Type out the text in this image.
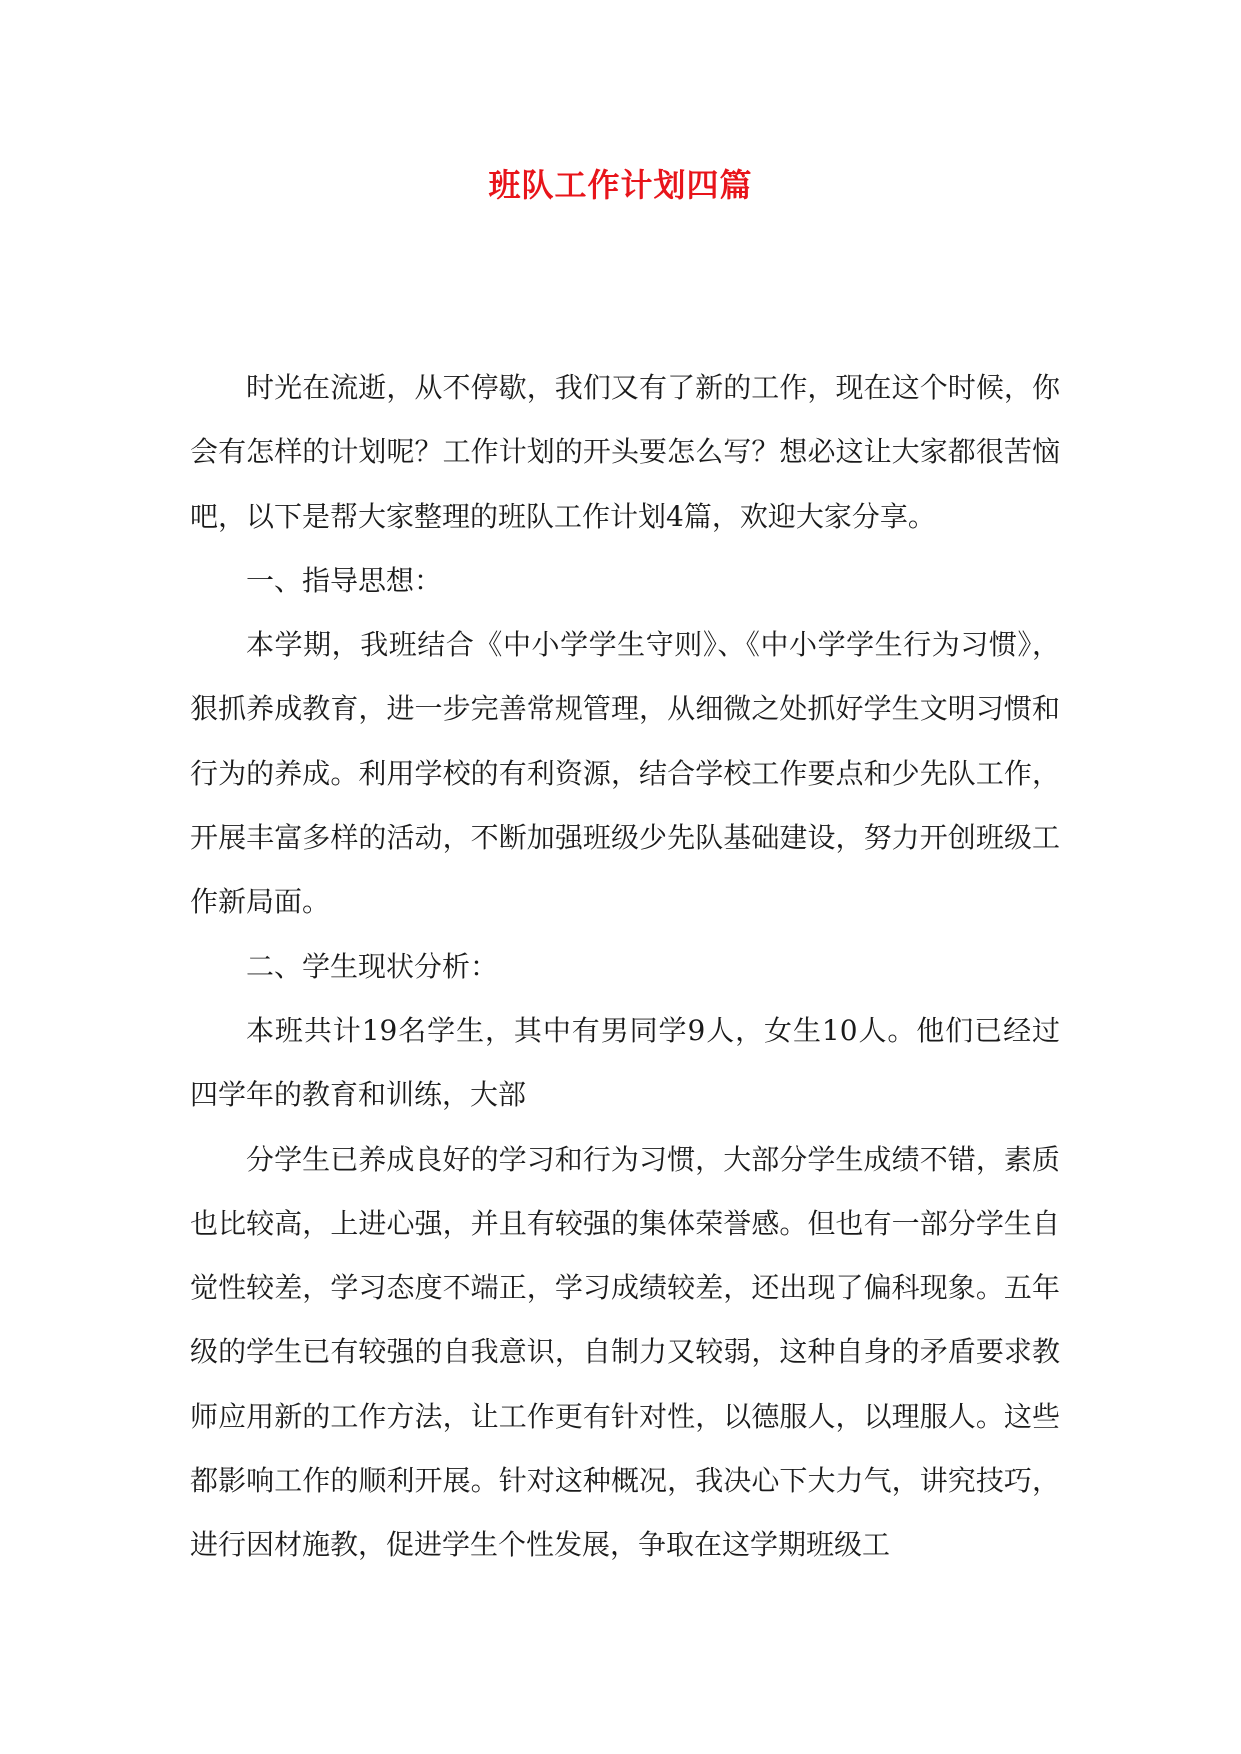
班队工作计划四篇

时光在流逝，从不停歇，我们又有了新的工作，现在这个时候，你会有怎样的计划呢？工作计划的开头要怎么写？想必这让大家都很苦恼吧，以下是帮大家整理的班队工作计划4篇，欢迎大家分享。

一、指导思想：

本学期，我班结合《中小学学生守则》、《中小学学生行为习惯》，狠抓养成教育，进一步完善常规管理，从细微之处抓好学生文明习惯和行为的养成。利用学校的有利资源，结合学校工作要点和少先队工作，开展丰富多样的活动，不断加强班级少先队基础建设，努力开创班级工作新局面。

二、学生现状分析：

本班共计19名学生，其中有男同学9人，女生10人。他们已经过四学年的教育和训练，大部

分学生已养成良好的学习和行为习惯，大部分学生成绩不错，素质也比较高，上进心强，并且有较强的集体荣誉感。但也有一部分学生自觉性较差，学习态度不端正，学习成绩较差，还出现了偏科现象。五年级的学生已有较强的自我意识，自制力又较弱，这种自身的矛盾要求教师应用新的工作方法，让工作更有针对性，以德服人，以理服人。这些都影响工作的顺利开展。针对这种概况，我决心下大力气，讲究技巧，进行因材施教，促进学生个性发展，争取在这学期班级工
